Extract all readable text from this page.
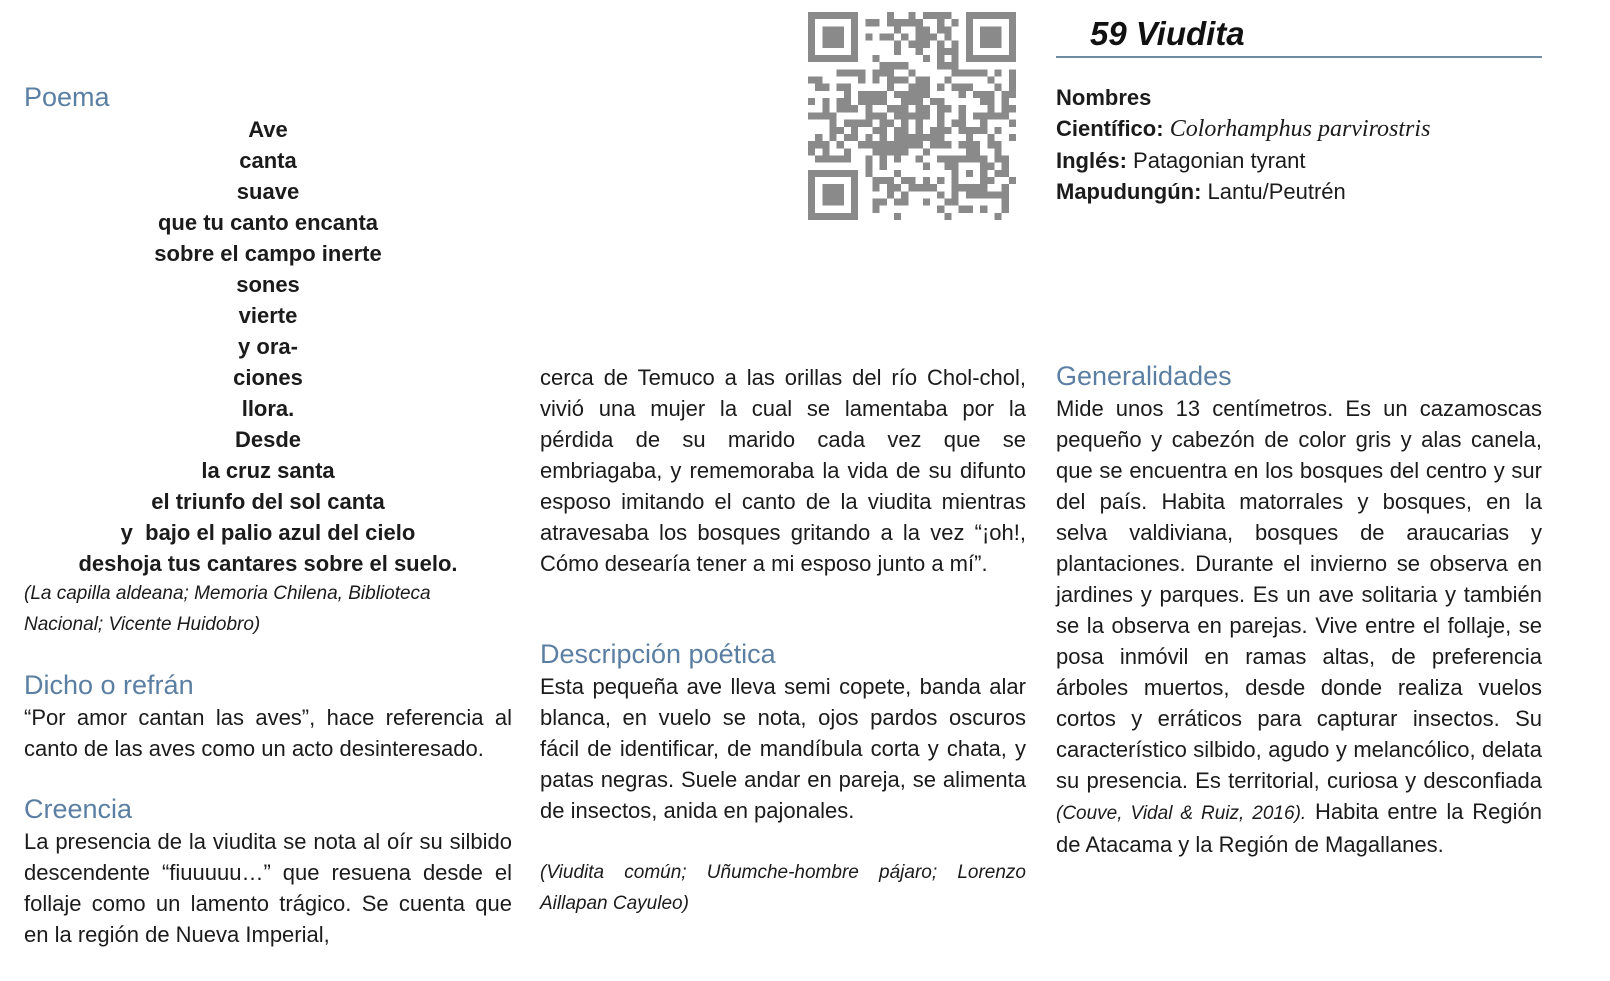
Poema
Ave
canta
suave
que tu canto encanta
sobre el campo inerte
sones
vierte
y ora-
ciones
llora.
Desde
la cruz santa
el triunfo del sol canta
y  bajo el palio azul del cielo
deshoja tus cantares sobre el suelo.
(La capilla aldeana; Memoria Chilena, Biblioteca Nacional; Vicente Huidobro)
Dicho o refrán

“Por amor cantan las aves”, hace referencia al canto de las aves como un acto desinteresado.

Creencia

La presencia de la viudita se nota al oír su silbido descendente “fiuuuuu…” que resuena desde el follaje como un lamento trágico. Se cuenta que en la región de Nueva Imperial,

cerca de Temuco a las orillas del río Chol-chol, vivió una mujer la cual se lamentaba por la pérdida de su marido cada vez que se embriagaba, y rememoraba la vida de su difunto esposo imitando el canto de la viudita mientras atravesaba los bosques gritando a la vez “¡oh!, Cómo desearía tener a mi esposo junto a mí”.

Descripción poética

Esta pequeña ave lleva semi copete, banda alar blanca, en vuelo se nota, ojos pardos oscuros fácil de identificar, de mandíbula corta y chata, y patas negras. Suele andar en pareja, se alimenta de insectos, anida en pajonales.

(Viudita común; Uñumche-hombre pájaro; Lorenzo Aillapan Cayuleo)
59 Viudita
Nombres
Científico: Colorhamphus parvirostris
Inglés: Patagonian tyrant
Mapudungún: Lantu/Peutrén
Generalidades

Mide unos 13 centímetros. Es un cazamoscas pequeño y cabezón de color gris y alas canela, que se encuentra en los bosques del centro y sur del país. Habita matorrales y bosques, en la selva valdiviana, bosques de araucarias y plantaciones. Durante el invierno se observa en jardines y parques. Es un ave solitaria y también se la observa en parejas. Vive entre el follaje, se posa inmóvil en ramas altas, de preferencia árboles muertos, desde donde realiza vuelos cortos y erráticos para capturar insectos. Su característico silbido, agudo y melancólico, delata su presencia. Es territorial, curiosa y desconfiada (Couve, Vidal & Ruiz, 2016). Habita entre la Región de Atacama y la Región de Magallanes.
